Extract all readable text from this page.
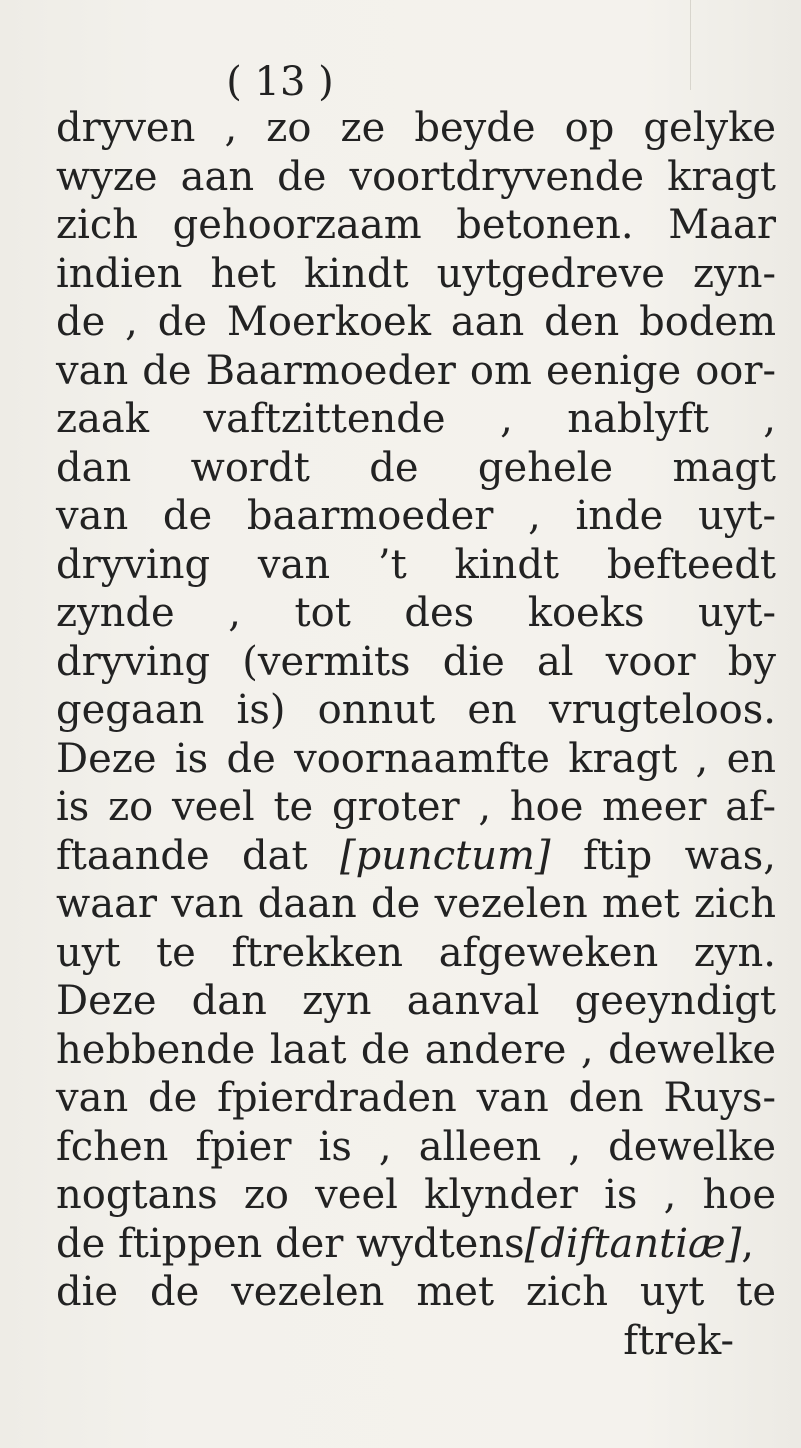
( 13 )
dryven , zo ze beyde op gelyke
wyze aan de voortdryvende kragt
zich gehoorzaam betonen. Maar
indien het kindt uytgedreve zyn-
de , de Moerkoek aan den bodem
van de Baarmoeder om eenige oor-
zaak vaftzittende , nablyft ,
dan wordt de gehele magt
van de baarmoeder , inde uyt-
dryving van ’t kindt befteedt
zynde , tot des koeks uyt-
dryving (vermits die al voor by
gegaan is) onnut en vrugteloos.
Deze is de voornaamfte kragt , en
is zo veel te groter , hoe meer af-
ftaande dat [punctum] ftip was,
waar van daan de vezelen met zich
uyt te ftrekken afgeweken zyn.
Deze dan zyn aanval geeyndigt
hebbende laat de andere , dewelke
van de fpierdraden van den Ruys-
fchen fpier is , alleen , dewelke
nogtans zo veel klynder is , hoe
de ftippen der wydtens[diftantiæ],
die de vezelen met zich uyt te
ftrek-
